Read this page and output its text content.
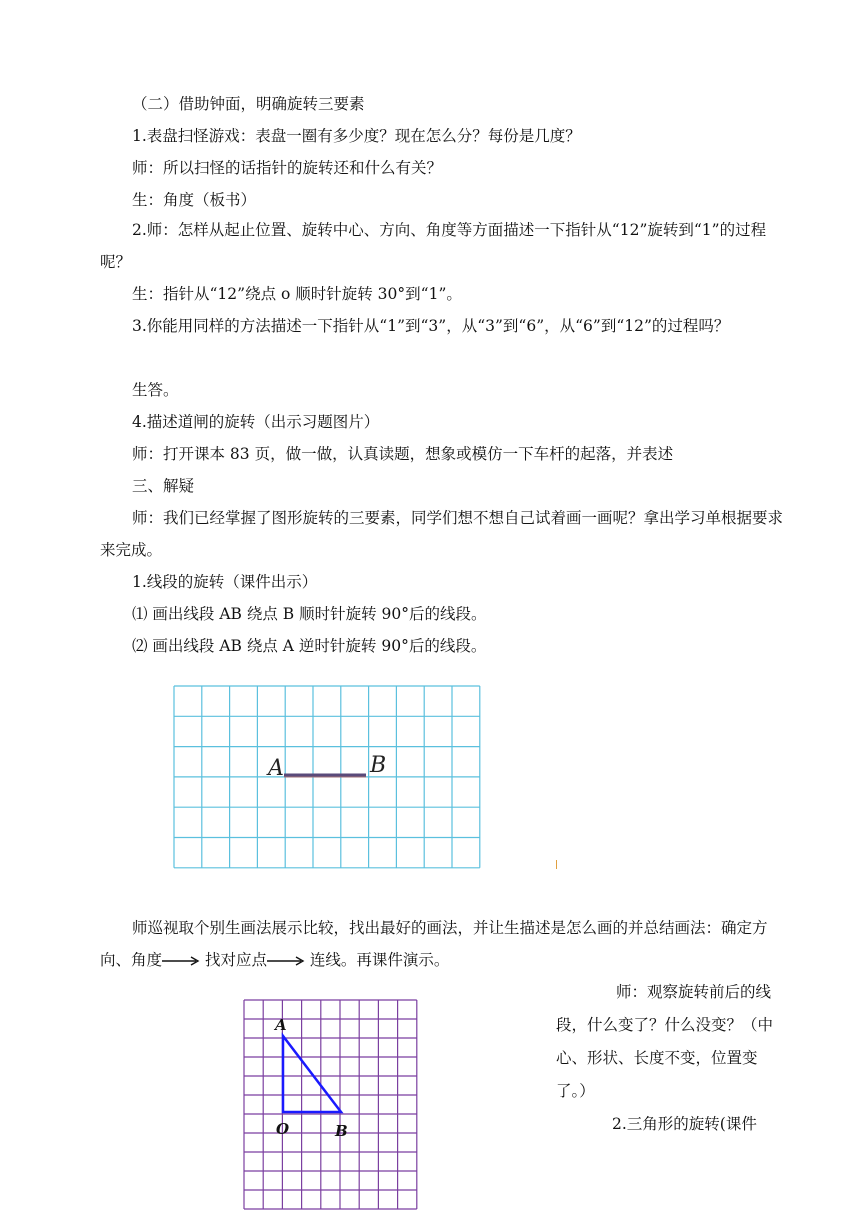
（二）借助钟面，明确旋转三要素

1.表盘扫怪游戏：表盘一圈有多少度？现在怎么分？每份是几度？

师：所以扫怪的话指针的旋转还和什么有关？

生：角度（板书）

2.师：怎样从起止位置、旋转中心、方向、角度等方面描述一下指针从“12”旋转到“1”的过程呢？

生：指针从“12”绕点 o 顺时针旋转 30°到“1”。

3.你能用同样的方法描述一下指针从“1”到“3”，从“3”到“6”，从“6”到“12”的过程吗？

生答。

4.描述道闸的旋转（出示习题图片）

师：打开课本 83 页，做一做，认真读题，想象或模仿一下车杆的起落，并表述

三、解疑

师：我们已经掌握了图形旋转的三要素，同学们想不想自己试着画一画呢？拿出学习单根据要求来完成。

1.线段的旋转（课件出示）

⑴ 画出线段 AB 绕点 B 顺时针旋转 90°后的线段。

⑵ 画出线段 AB 绕点 A 逆时针旋转 90°后的线段。

A	B

师巡视取个别生画法展示比较，找出最好的画法，并让生描述是怎么画的并总结画法：确定方向、角度	找对应点	连线。再课件演示。

A
O	B

师：观察旋转前后的线段，什么变了？什么没变？（中心、形状、长度不变，位置变了。）

2.三角形的旋转(课件
